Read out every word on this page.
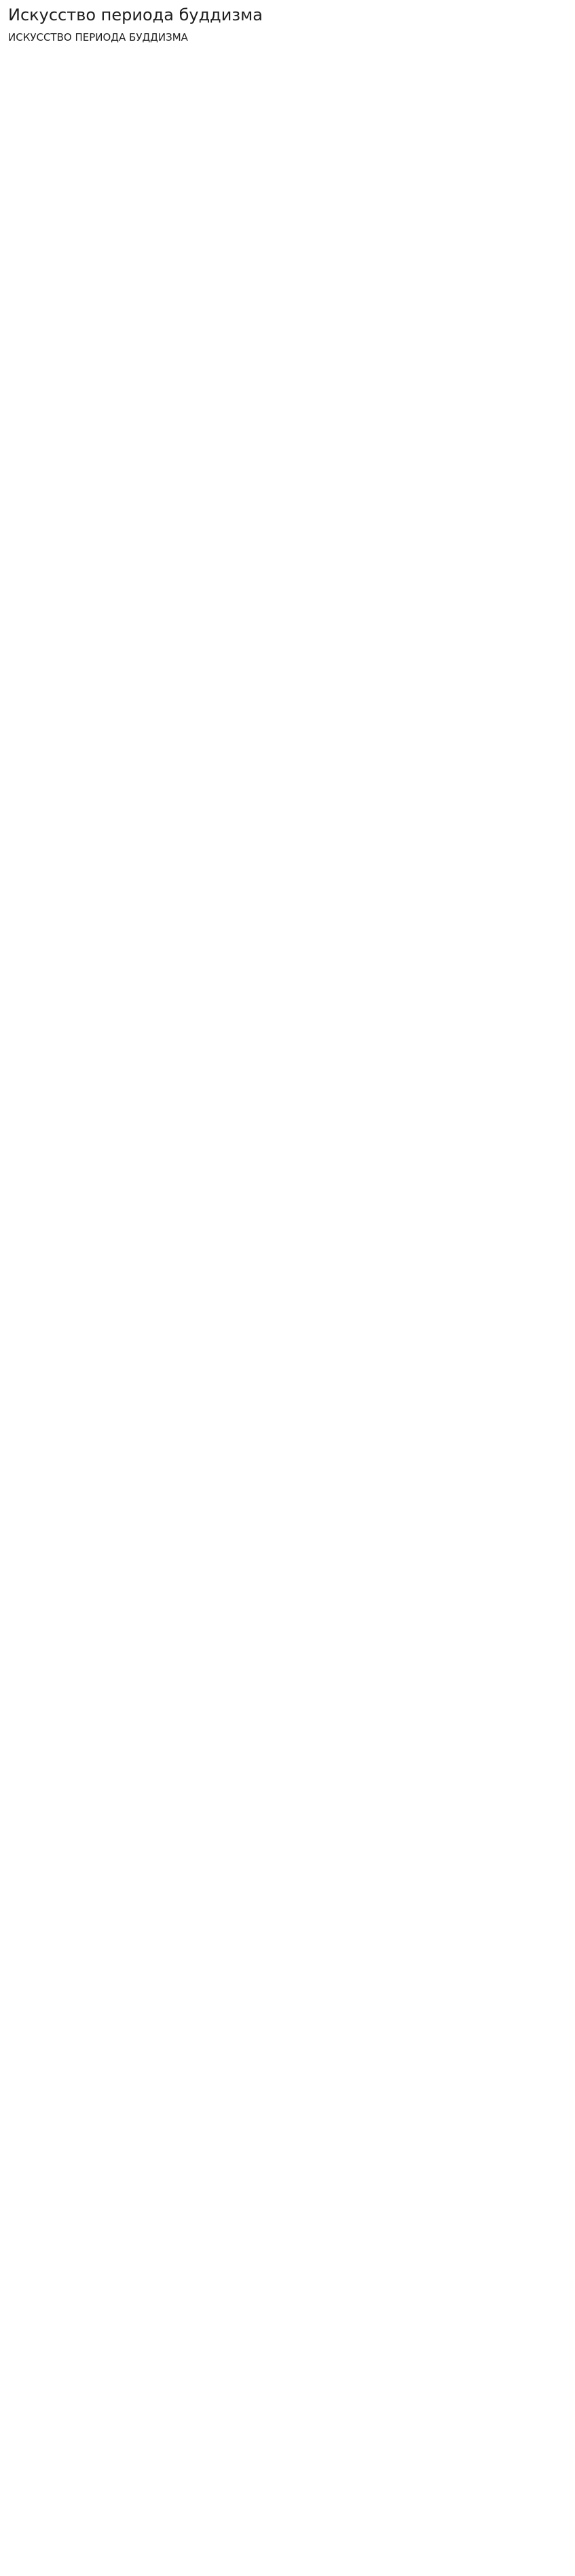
Искусство периода буддизма
ИСКУССТВО ПЕРИОДА БУДДИЗМА
